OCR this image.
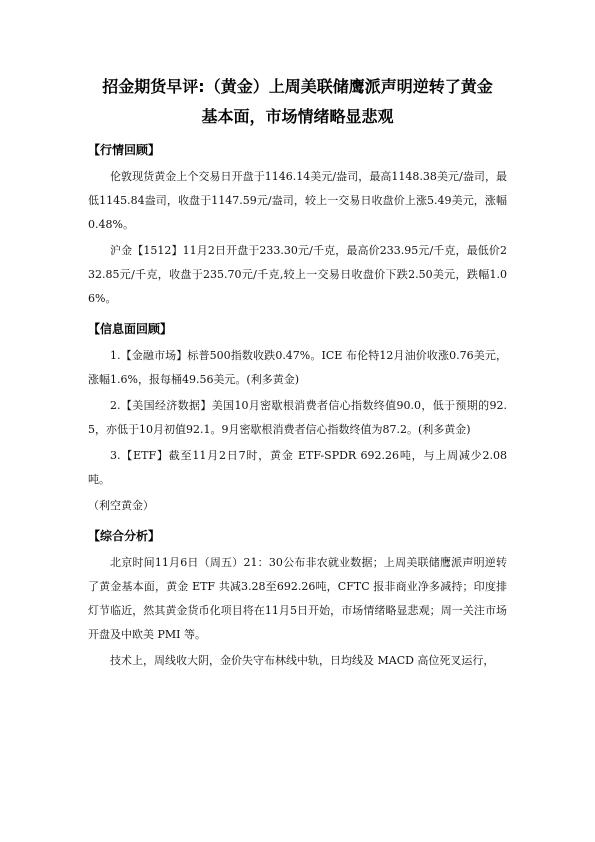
招金期货早评:（黄金）上周美联储鹰派声明逆转了黄金
基本面，市场情绪略显悲观
【行情回顾】

伦敦现货黄金上个交易日开盘于1146.14美元/盎司，最高1148.38美元/盎司，最低1145.84盎司，收盘于1147.59元/盎司，较上一交易日收盘价上涨5.49美元，涨幅0.48%。

沪金【1512】11月2日开盘于233.30元/千克，最高价233.95元/千克，最低价232.85元/千克，收盘于235.70元/千克,较上一交易日收盘价下跌2.50美元，跌幅1.06%。

【信息面回顾】

1.【金融市场】标普500指数收跌0.47%。ICE 布伦特12月油价收涨0.76美元，涨幅1.6%，报每桶49.56美元。(利多黄金)

2.【美国经济数据】美国10月密歇根消费者信心指数终值90.0，低于预期的92.5，亦低于10月初值92.1。9月密歇根消费者信心指数终值为87.2。(利多黄金)

3.【ETF】截至11月2日7时，黄金 ETF-SPDR 692.26吨，与上周减少2.08吨。

（利空黄金）

【综合分析】

北京时间11月6日（周五）21：30公布非农就业数据；上周美联储鹰派声明逆转了黄金基本面，黄金 ETF 共减3.28至692.26吨，CFTC 报非商业净多减持；印度排灯节临近，然其黄金货币化项目将在11月5日开始，市场情绪略显悲观；周一关注市场开盘及中欧美 PMI 等。

技术上，周线收大阴，金价失守布林线中轨，日均线及 MACD 高位死叉运行，
